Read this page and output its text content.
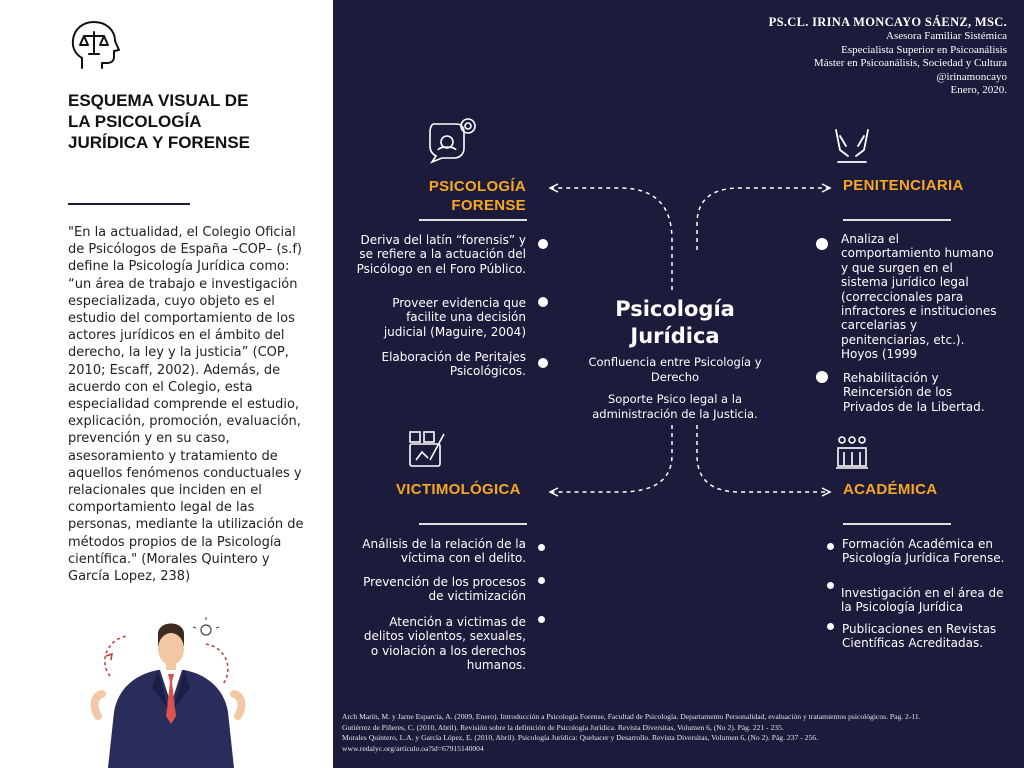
ESQUEMA VISUAL DE LA PSICOLOGÍA JURÍDICA Y FORENSE

"En la actualidad, el Colegio Oficial de Psicólogos de España –COP– (s.f) define la Psicología Jurídica como: “un área de trabajo e investigación especializada, cuyo objeto es el estudio del comportamiento de los actores jurídicos en el ámbito del derecho, la ley y la justicia” (COP, 2010; Escaff, 2002). Además, de acuerdo con el Colegio, esta especialidad comprende el estudio, explicación, promoción, evaluación, prevención y en su caso, asesoramiento y tratamiento de aquellos fenómenos conductuales y relacionales que inciden en el comportamiento legal de las personas, mediante la utilización de métodos propios de la Psicología científica." (Morales Quintero y García Lopez, 238)

PS.CL. IRINA MONCAYO SÁENZ, MSC.
Asesora Familiar Sistémica
Especialista Superior en Psicoanálisis
Máster en Psicoanálisis, Sociedad y Cultura
@irinamoncayo
Enero, 2020.
Psicología Jurídica
Confluencia entre Psicología y Derecho
Soporte Psico legal a la administración de la Justicia.
PSICOLOGÍA
FORENSE
Deriva del latín “forensis” y se refiere a la actuación del Psicólogo en el Foro Público.
Proveer evidencia que facilite una decisión judicial (Maguire, 2004)
Elaboración de Peritajes Psicológicos.
PENITENCIARIA
Analiza el comportamiento humano y que surgen en el sistema jurídico legal (correccionales para infractores e instituciones carcelarias y penitenciarias, etc.). Hoyos (1999
Rehabilitación y Reincersión de los Privados de la Libertad.
VICTIMOLÓGICA
Análisis de la relación de la víctima con el delito.
Prevención de los procesos de victimización
Atención a victimas de delitos violentos, sexuales, o violación a los derechos humanos.
ACADÉMICA
Formación Académica en Psicología Jurídica Forense.
Investigación en el área de la Psicología Jurídica
Publicaciones en Revistas Científicas Acreditadas.

Arch Marín, M. y Jarne Esparcia, A. (2009, Enero). Introducción a Psicología Forense, Facultad de Psicología. Departamento Personalidad, evaluación y tratamientos psicológicos. Pag. 2-11.

Gutiérrez de Piñeres, C. (2010, Abril). Revisión sobre la definición de Psicología Jurídica. Revista Diversitas, Volumen 6, (No 2). Pág. 221 - 235.

Morales Quintero, L.A. y García López, E. (2010, Abril). Psicología Jurídica: Quehacer y Desarrollo. Revista Diversitas, Volumen 6, (No 2). Pág. 237 - 256.

www.redalyc.org/articulo.oa?id=67915140004
